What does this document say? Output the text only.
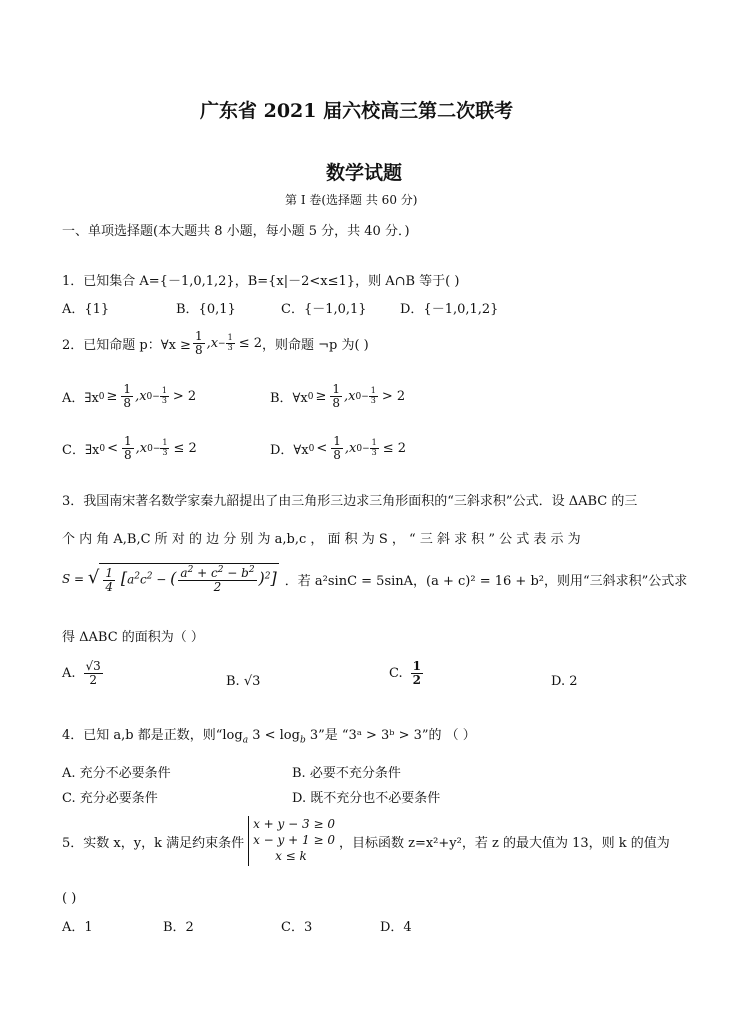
广东省 2021 届六校高三第二次联考
数学试题
第 I 卷(选择题 共 60 分)
一、单项选择题(本大题共 8 小题，每小题 5 分，共 40 分．)
1．已知集合 A={－1,0,1,2}，B={x|－2<x≤1}，则 A∩B 等于( )
A．{1}	B．{0,1}	C．{－1,0,1}	D．{－1,0,1,2}
2．已知命题 p：∀x ≥ $\frac{1}{8} ,x - \frac{1}{3} \le 2$ ，则命题 ¬p 为( )
A．∃x $0 \ge \frac{1}{8} ,x$ $0 - \frac{1}{3} > 2$	B．∀x $0 \ge \frac{1}{8} ,x$ $0 - \frac{1}{3} > 2$
C．∃x $0 < \frac{1}{8} ,x$ $0 - \frac{1}{3} \le 2$	D．∀x $0 < \frac{1}{8} ,x$ $0 - \frac{1}{3} \le 2$
3．我国南宋著名数学家秦九韶提出了由三角形三边求三角形面积的“三斜求积”公式．设 ΔABC 的三
个 内 角 A,B,C 所 对 的 边 分 别 为 a,b,c ， 面 积 为 S ， “ 三 斜 求 积 ” 公 式 表 示 为
S = √ $\frac{1}{4} [a^2c^2$ − ( $\frac{a^2 + c^2 - b^2}{2} )^2$] ．若 a²sinC = 5sinA，(a + c)² = 16 + b²，则用“三斜求积”公式求
得 ΔABC 的面积为（ ）
A. $\frac{√3}{2}$	B. √3
C. $\frac{1}{2}$	D. 2
4．已知 a,b 都是正数，则“$\log_a$ $3 < \log_b 3$”是 “3ᵃ > 3ᵇ > 3”的 （ ）
A. 充分不必要条件	B. 必要不充分条件
C. 充分必要条件	D. 既不充分也不必要条件
5．实数 x，y，k 满足约束条件
x + y − 3 ≥ 0
x − y + 1 ≥ 0
x ≤ k
，目标函数 z=x²+y²，若 z 的最大值为 13，则 k 的值为
( )
A．1	B．2	C．3	D．4
